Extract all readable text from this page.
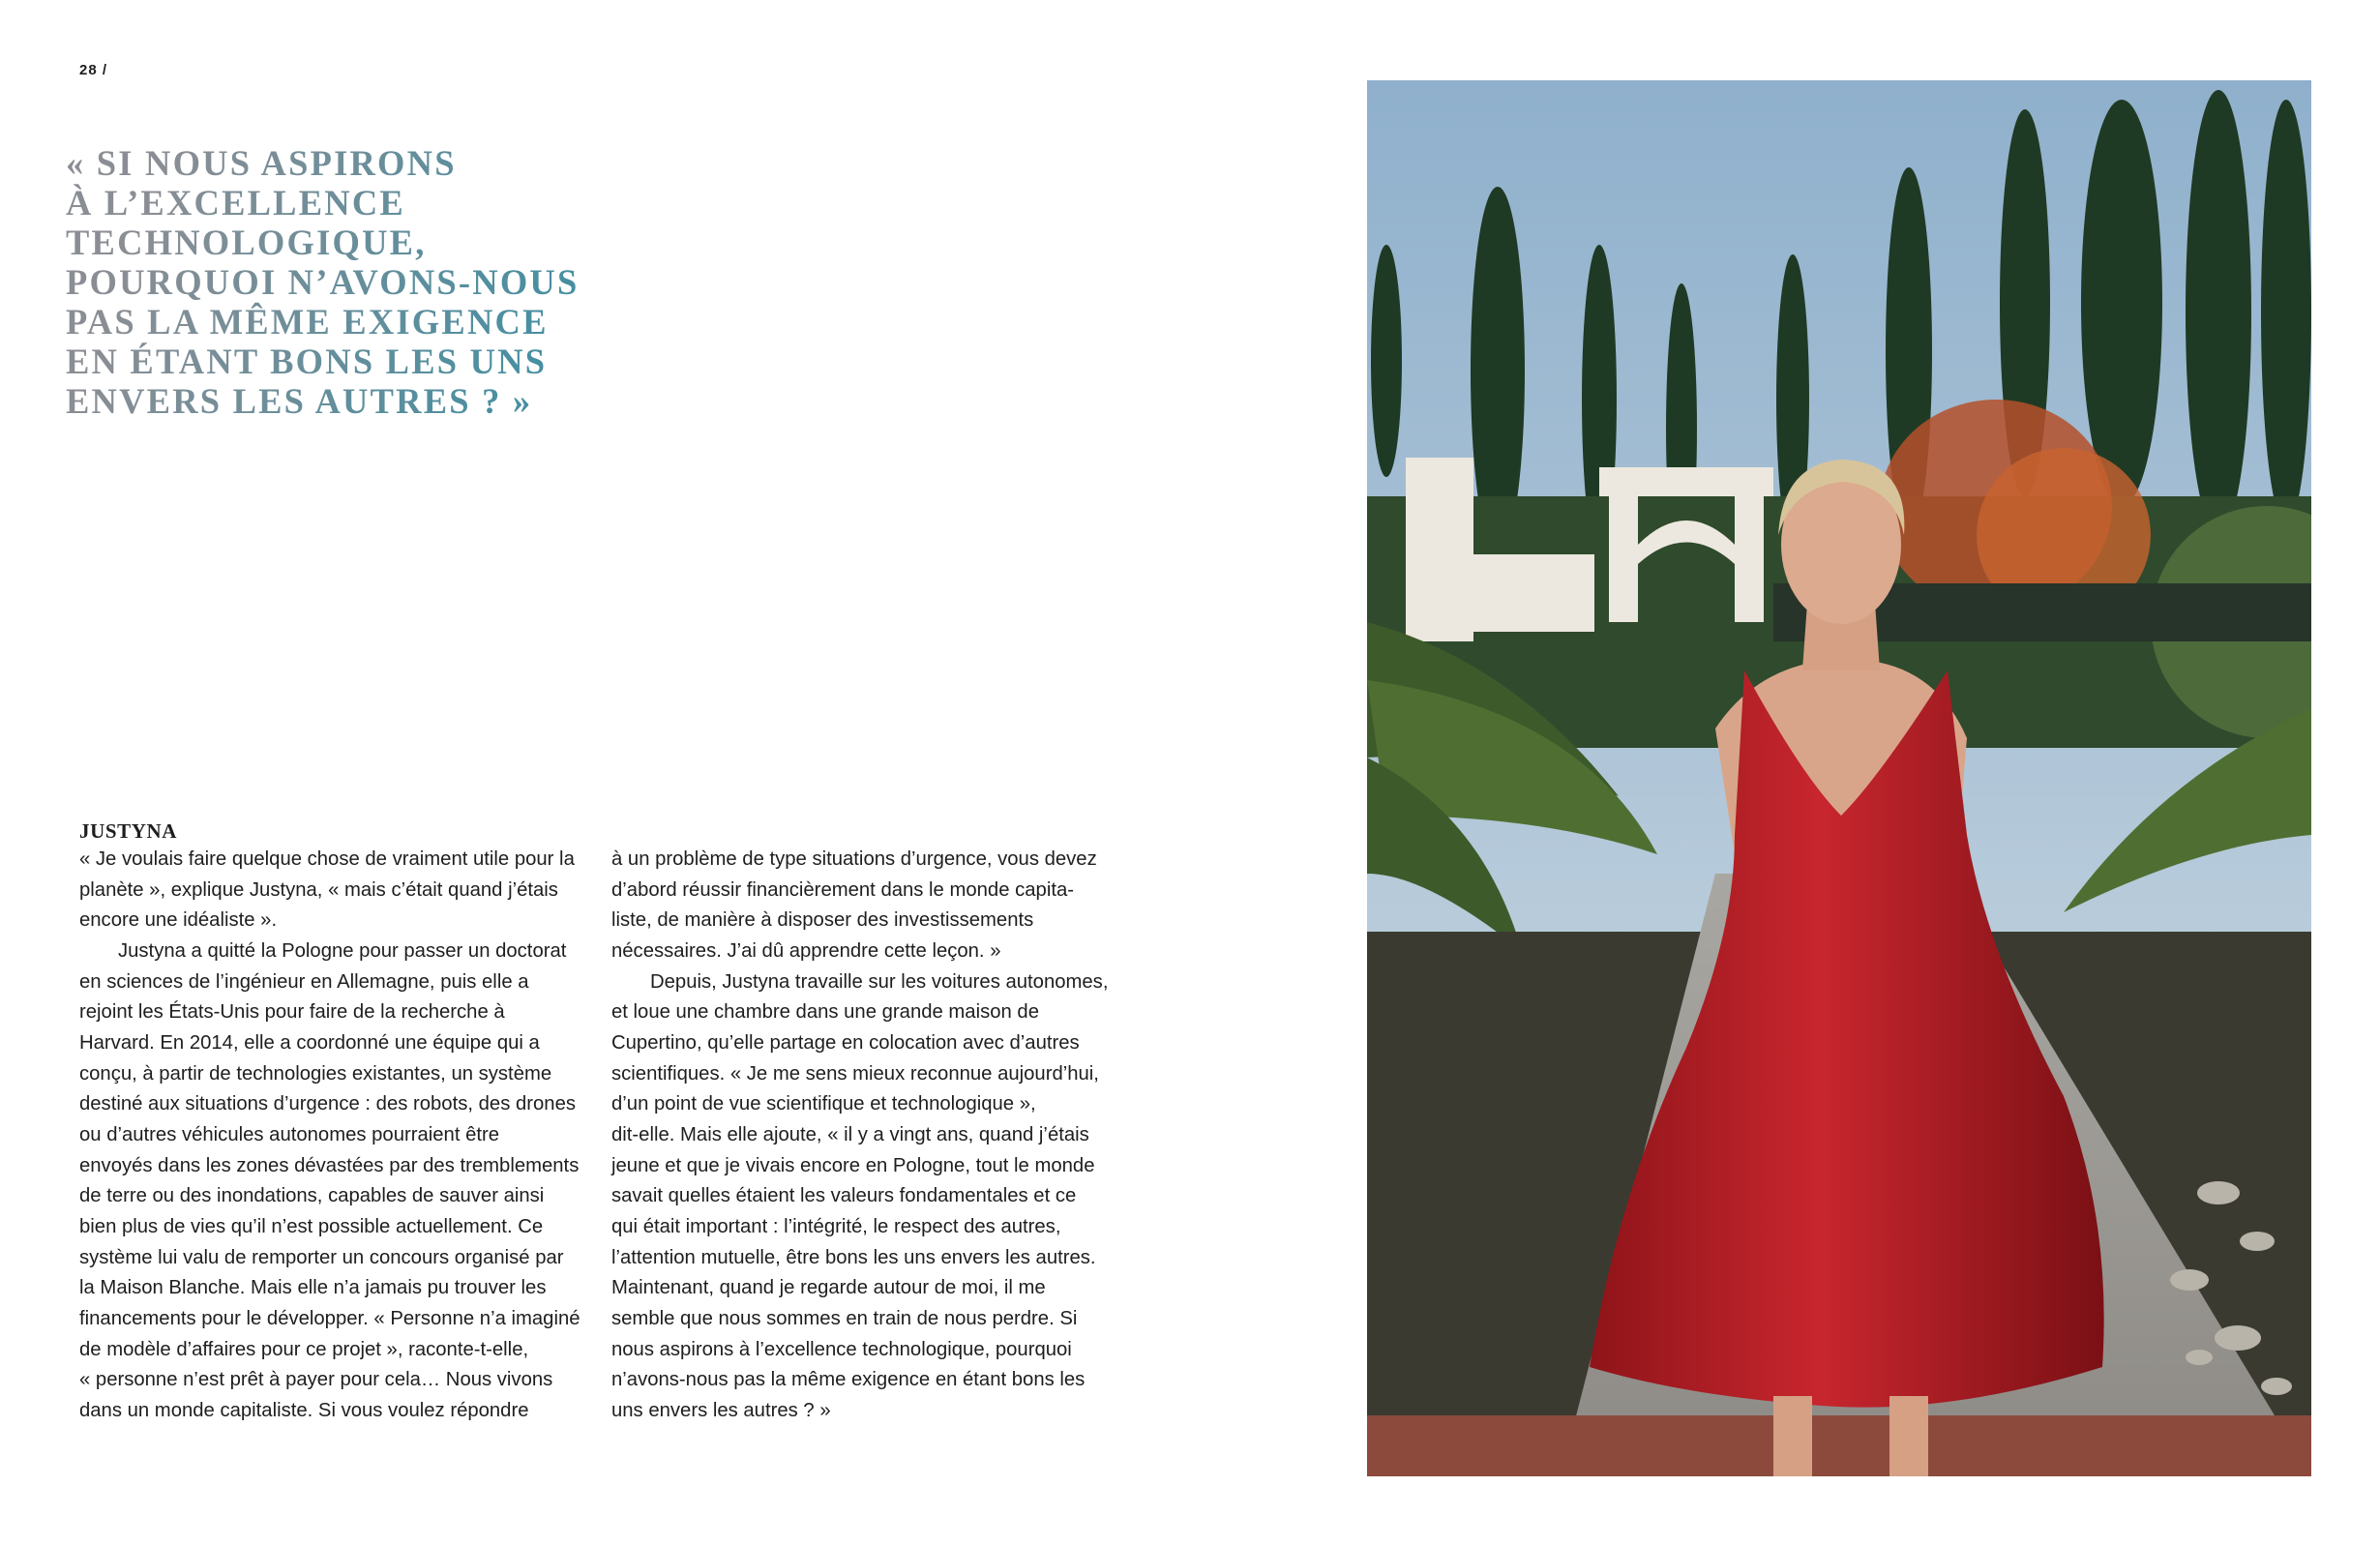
28 /
« SI NOUS ASPIRONS
À L’EXCELLENCE
TECHNOLOGIQUE,
POURQUOI N’AVONS-NOUS
PAS LA MÊME EXIGENCE
EN ÉTANT BONS LES UNS
ENVERS LES AUTRES ? »
JUSTYNA
« Je voulais faire quelque chose de vraiment utile pour la
planète », explique Justyna, « mais c’était quand j’étais
encore une idéaliste ».
Justyna a quitté la Pologne pour passer un doctorat
en sciences de l’ingénieur en Allemagne, puis elle a
rejoint les États-Unis pour faire de la recherche à
Harvard. En 2014, elle a coordonné une équipe qui a
conçu, à partir de technologies existantes, un système
destiné aux situations d’urgence : des robots, des drones
ou d’autres véhicules autonomes pourraient être
envoyés dans les zones dévastées par des tremblements
de terre ou des inondations, capables de sauver ainsi
bien plus de vies qu’il n’est possible actuellement. Ce
système lui valu de remporter un concours organisé par
la Maison Blanche. Mais elle n’a jamais pu trouver les
financements pour le développer. « Personne n’a imaginé
de modèle d’affaires pour ce projet », raconte-t-elle,
« personne n’est prêt à payer pour cela… Nous vivons
dans un monde capitaliste. Si vous voulez répondre
à un problème de type situations d’urgence, vous devez
d’abord réussir financièrement dans le monde capita-
liste, de manière à disposer des investissements
nécessaires. J’ai dû apprendre cette leçon. »
Depuis, Justyna travaille sur les voitures autonomes,
et loue une chambre dans une grande maison de
Cupertino, qu’elle partage en colocation avec d’autres
scientifiques. « Je me sens mieux reconnue aujourd’hui,
d’un point de vue scientifique et technologique »,
dit-elle. Mais elle ajoute, « il y a vingt ans, quand j’étais
jeune et que je vivais encore en Pologne, tout le monde
savait quelles étaient les valeurs fondamentales et ce
qui était important : l’intégrité, le respect des autres,
l’attention mutuelle, être bons les uns envers les autres.
Maintenant, quand je regarde autour de moi, il me
semble que nous sommes en train de nous perdre. Si
nous aspirons à l’excellence technologique, pourquoi
n’avons-nous pas la même exigence en étant bons les
uns envers les autres ? »
